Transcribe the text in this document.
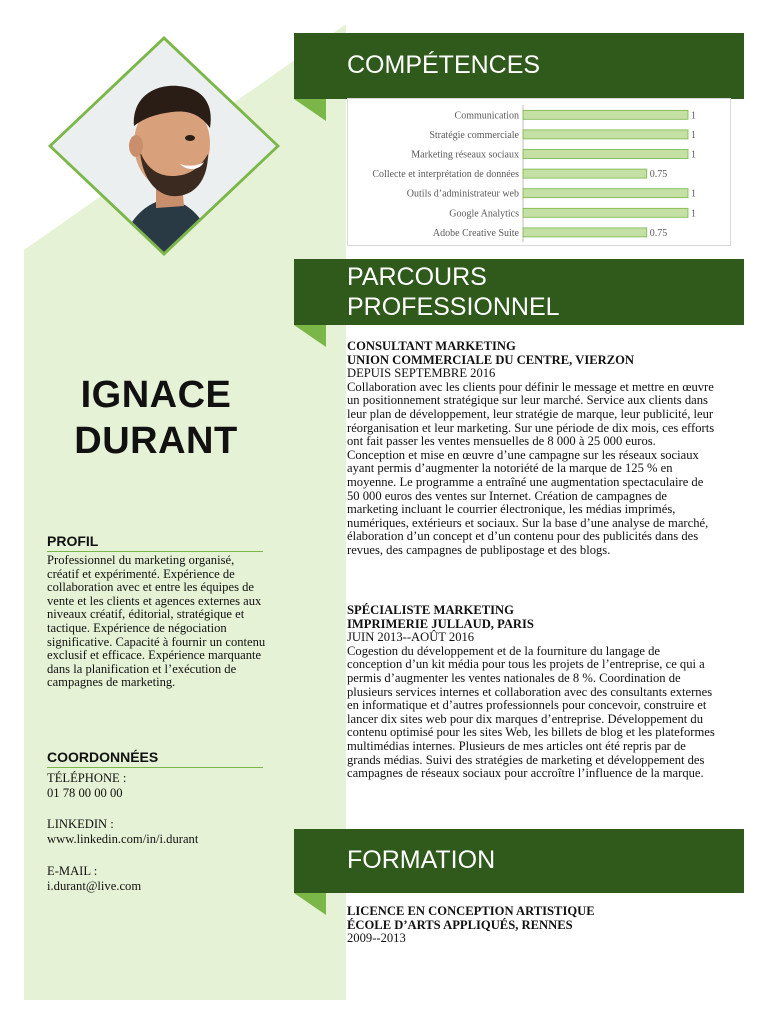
IGNACE
DURANT
PROFIL
Professionnel du marketing organisé, créatif et expérimenté. Expérience de collaboration avec et entre les équipes de vente et les clients et agences externes aux niveaux créatif, éditorial, stratégique et tactique. Expérience de négociation significative. Capacité à fournir un contenu exclusif et efficace. Expérience marquante dans la planification et l’exécution de campagnes de marketing.
COORDONNÉES
TÉLÉPHONE :
01 78 00 00 00
LINKEDIN :
www.linkedin.com/in/i.durant
E-MAIL :
i.durant@live.com
COMPÉTENCES
Communication	1
Stratégie commerciale	1
Marketing réseaux sociaux	1
Collecte et interprétation de données	0.75
Outils d’administrateur web	1
Google Analytics	1
Adobe Creative Suite	0.75
PARCOURS
PROFESSIONNEL
CONSULTANT MARKETING
UNION COMMERCIALE DU CENTRE, VIERZON
DEPUIS SEPTEMBRE 2016
Collaboration avec les clients pour définir le message et mettre en œuvre un positionnement stratégique sur leur marché. Service aux clients dans leur plan de développement, leur stratégie de marque, leur publicité, leur réorganisation et leur marketing. Sur une période de dix mois, ces efforts ont fait passer les ventes mensuelles de 8 000 à 25 000 euros. Conception et mise en œuvre d’une campagne sur les réseaux sociaux ayant permis d’augmenter la notoriété de la marque de 125 % en moyenne. Le programme a entraîné une augmentation spectaculaire de 50 000 euros des ventes sur Internet. Création de campagnes de marketing incluant le courrier électronique, les médias imprimés, numériques, extérieurs et sociaux. Sur la base d’une analyse de marché, élaboration d’un concept et d’un contenu pour des publicités dans des revues, des campagnes de publipostage et des blogs.
SPÉCIALISTE MARKETING
IMPRIMERIE JULLAUD, PARIS
JUIN 2013--AOÛT 2016
Cogestion du développement et de la fourniture du langage de conception d’un kit média pour tous les projets de l’entreprise, ce qui a permis d’augmenter les ventes nationales de 8 %. Coordination de plusieurs services internes et collaboration avec des consultants externes en informatique et d’autres professionnels pour concevoir, construire et lancer dix sites web pour dix marques d’entreprise. Développement du contenu optimisé pour les sites Web, les billets de blog et les plateformes multimédias internes. Plusieurs de mes articles ont été repris par de grands médias. Suivi des stratégies de marketing et développement des campagnes de réseaux sociaux pour accroître l’influence de la marque.
FORMATION
LICENCE EN CONCEPTION ARTISTIQUE
ÉCOLE D’ARTS APPLIQUÉS, RENNES
2009--2013
